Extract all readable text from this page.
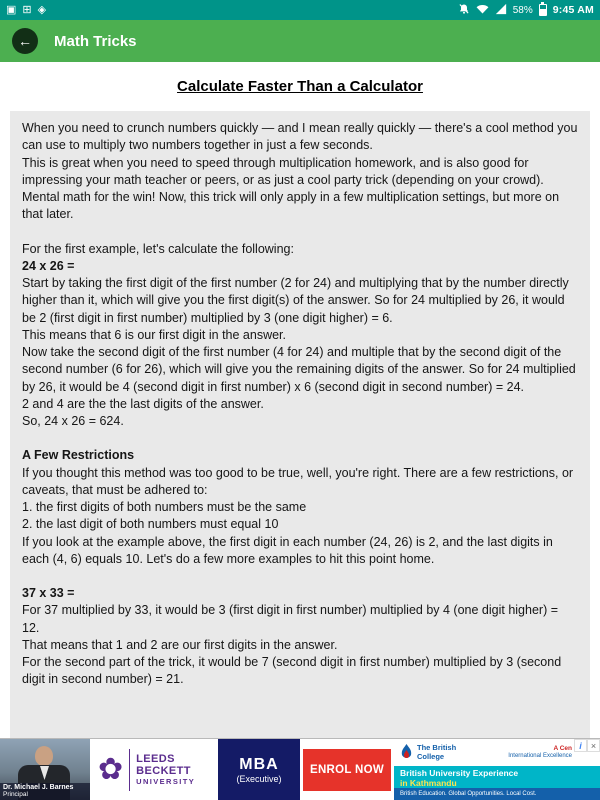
▣ ⊞ ◈	58% 9:45 AM
← Math Tricks
Calculate Faster Than a Calculator
When you need to crunch numbers quickly — and I mean really quickly — there's a cool method you can use to multiply two numbers together in just a few seconds.
This is great when you need to speed through multiplication homework, and is also good for impressing your math teacher or peers, or as just a cool party trick (depending on your crowd). Mental math for the win! Now, this trick will only apply in a few multiplication settings, but more on that later.
For the first example, let's calculate the following:
24 x 26 =
Start by taking the first digit of the first number (2 for 24) and multiplying that by the number directly higher than it, which will give you the first digit(s) of the answer. So for 24 multiplied by 26, it would be 2 (first digit in first number) multiplied by 3 (one digit higher) = 6.
This means that 6 is our first digit in the answer.
Now take the second digit of the first number (4 for 24) and multiple that by the second digit of the second number (6 for 26), which will give you the remaining digits of the answer. So for 24 multiplied by 26, it would be 4 (second digit in first number) x 6 (second digit in second number) = 24.
2 and 4 are the the last digits of the answer.
So, 24 x 26 = 624.
A Few Restrictions
If you thought this method was too good to be true, well, you're right. There are a few restrictions, or caveats, that must be adhered to:
1. the first digits of both numbers must be the same
2. the last digit of both numbers must equal 10
If you look at the example above, the first digit in each number (24, 26) is 2, and the last digits in each (4, 6) equals 10. Let's do a few more examples to hit this point home.
37 x 33 =
For 37 multiplied by 33, it would be 3 (first digit in first number) multiplied by 4 (one digit higher) = 12.
That means that 1 and 2 are our first digits in the answer.
For the second part of the trick, it would be 7 (second digit in first number) multiplied by 3 (second digit in second number) = 21.
Dr. Michael J. Barnes
Principal
✿ LEEDS
BECKETT
UNIVERSITY
MBA
(Executive)
ENROL NOW
The British
College
A Cen
International Excellence
British University Experience
in Kathmandu
British Education. Global Opportunities. Local Cost.
i	×
